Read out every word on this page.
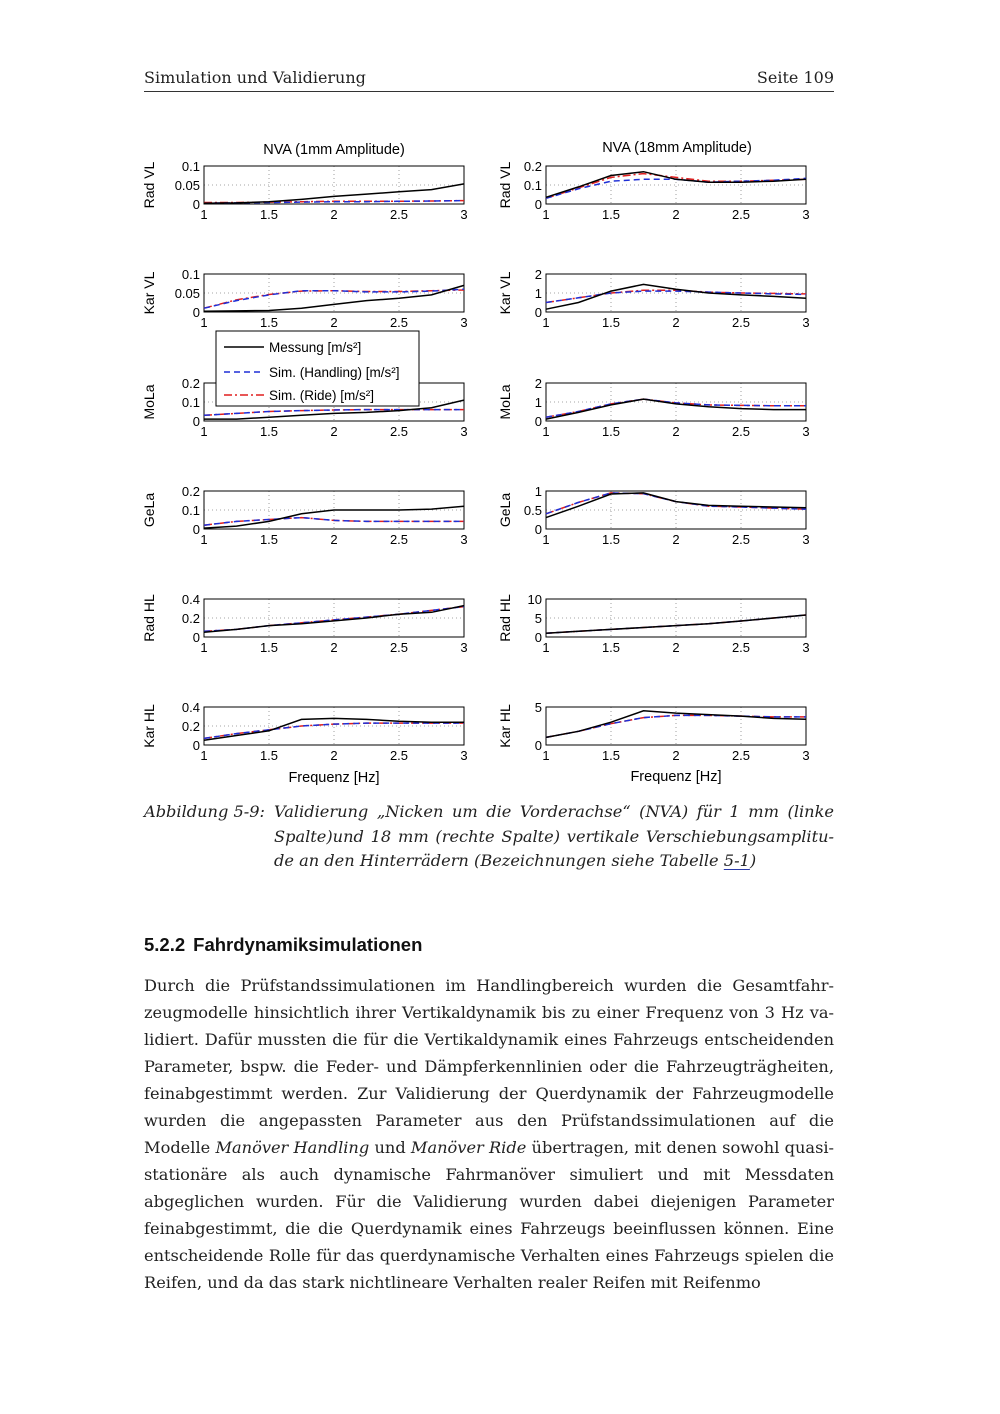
Simulation und Validierung	Seite 109
NVA (1mm Amplitude)	NVA (18mm Amplitude)
1	1.5	2	2.5	3
0
0.05
0.1
Rad VL
1	1.5	2	2.5	3
0
0.1
0.2
Rad VL
1	1.5	2	2.5	3
0
0.05
0.1
Kar VL
1	1.5	2	2.5	3
0
1
2
Kar VL
1	1.5	2	2.5	3
0
0.1
0.2
MoLa
1	1.5	2	2.5	3
0
1
2
MoLa
1	1.5	2	2.5	3
0
0.1
0.2
GeLa
1	1.5	2	2.5	3
0
0.5
1
GeLa
1	1.5	2	2.5	3
0
0.2
0.4
Rad HL
1	1.5	2	2.5	3
0
5
10
Rad HL
1	1.5	2	2.5	3
0
0.2
0.4
Kar HL
1	1.5	2	2.5	3
0
5
Kar HL
Frequenz [Hz]	Frequenz [Hz]
Messung [m/s²]
Sim. (Handling) [m/s²]
Sim. (Ride) [m/s²]
Abbildung 5-9: Validierung „Nicken um die Vorderachse“ (NVA) für 1 mm (linke Spalte)und 18 mm (rechte Spalte) vertikale Verschiebungsamplitude an den Hinterrädern (Bezeichnungen siehe Tabelle 5-1)
5.2.2 Fahrdynamiksimulationen
Durch die Prüfstandssimulationen im Handlingbereich wurden die Gesamtfahrzeugmodelle hinsichtlich ihrer Vertikaldynamik bis zu einer Frequenz von 3 Hz validiert. Dafür mussten die für die Vertikaldynamik eines Fahrzeugs entscheidenden Parameter, bspw. die Feder- und Dämpferkennlinien oder die Fahrzeugträgheiten, feinabgestimmt werden. Zur Validierung der Querdynamik der Fahrzeugmodelle wurden die angepassten Parameter aus den Prüfstandssimulationen auf die Modelle Manöver Handling und Manöver Ride übertragen, mit denen sowohl quasi-stationäre als auch dynamische Fahrmanöver simuliert und mit Messdaten abgeglichen wurden. Für die Validierung wurden dabei diejenigen Parameter feinabgestimmt, die die Querdynamik eines Fahrzeugs beeinflussen können. Eine entscheidende Rolle für das querdynamische Verhalten eines Fahrzeugs spielen die Reifen, und da das stark nichtlineare Verhalten realer Reifen mit Reifenmo
